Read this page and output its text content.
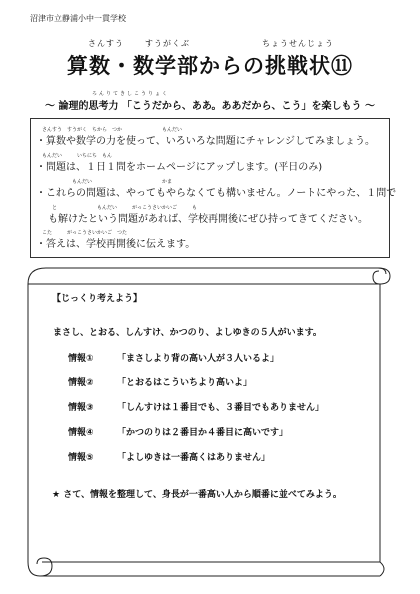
沼津市立静浦小中一貫学校
さんすう	すうがくぶ	ちょうせんじょう
算数・数学部からの挑戦状⑪
ろんりてきしこうりょく
～ 論理的思考力 「こうだから、ああ。ああだから、こう」を楽しもう ～
さんすう　すうがく　ちから　つか　　　　　　　　もんだい
・算数や数学の力を使って、いろいろな問題にチャレンジしてみましょう。
もんだい　　　いちにち　もん
・問題は、１日１問をホームページにアップします。(平日のみ)
もんだい　　　　　　　　　　　　　　かま
・これらの問題は、やってもやらなくても構いません。ノートにやった、１問で
と　　　　　　　　もんだい　　　がっこうさいかいご　　　も
も解けたという問題があれば、学校再開後にぜひ持ってきてください。
こた　　　がっこうさいかいご　つた
・答えは、学校再開後に伝えます。
【じっくり考えよう】
まさし、とおる、しんすけ、かつのり、よしゆきの５人がいます。
情報①	「まさしより背の高い人が３人いるよ」
情報②	「とおるはこういちより高いよ」
情報③	「しんすけは１番目でも、３番目でもありません」
情報④	「かつのりは２番目か４番目に高いです」
情報⑤	「よしゆきは一番高くはありません」
★ さて、情報を整理して、身長が一番高い人から順番に並べてみよう。
